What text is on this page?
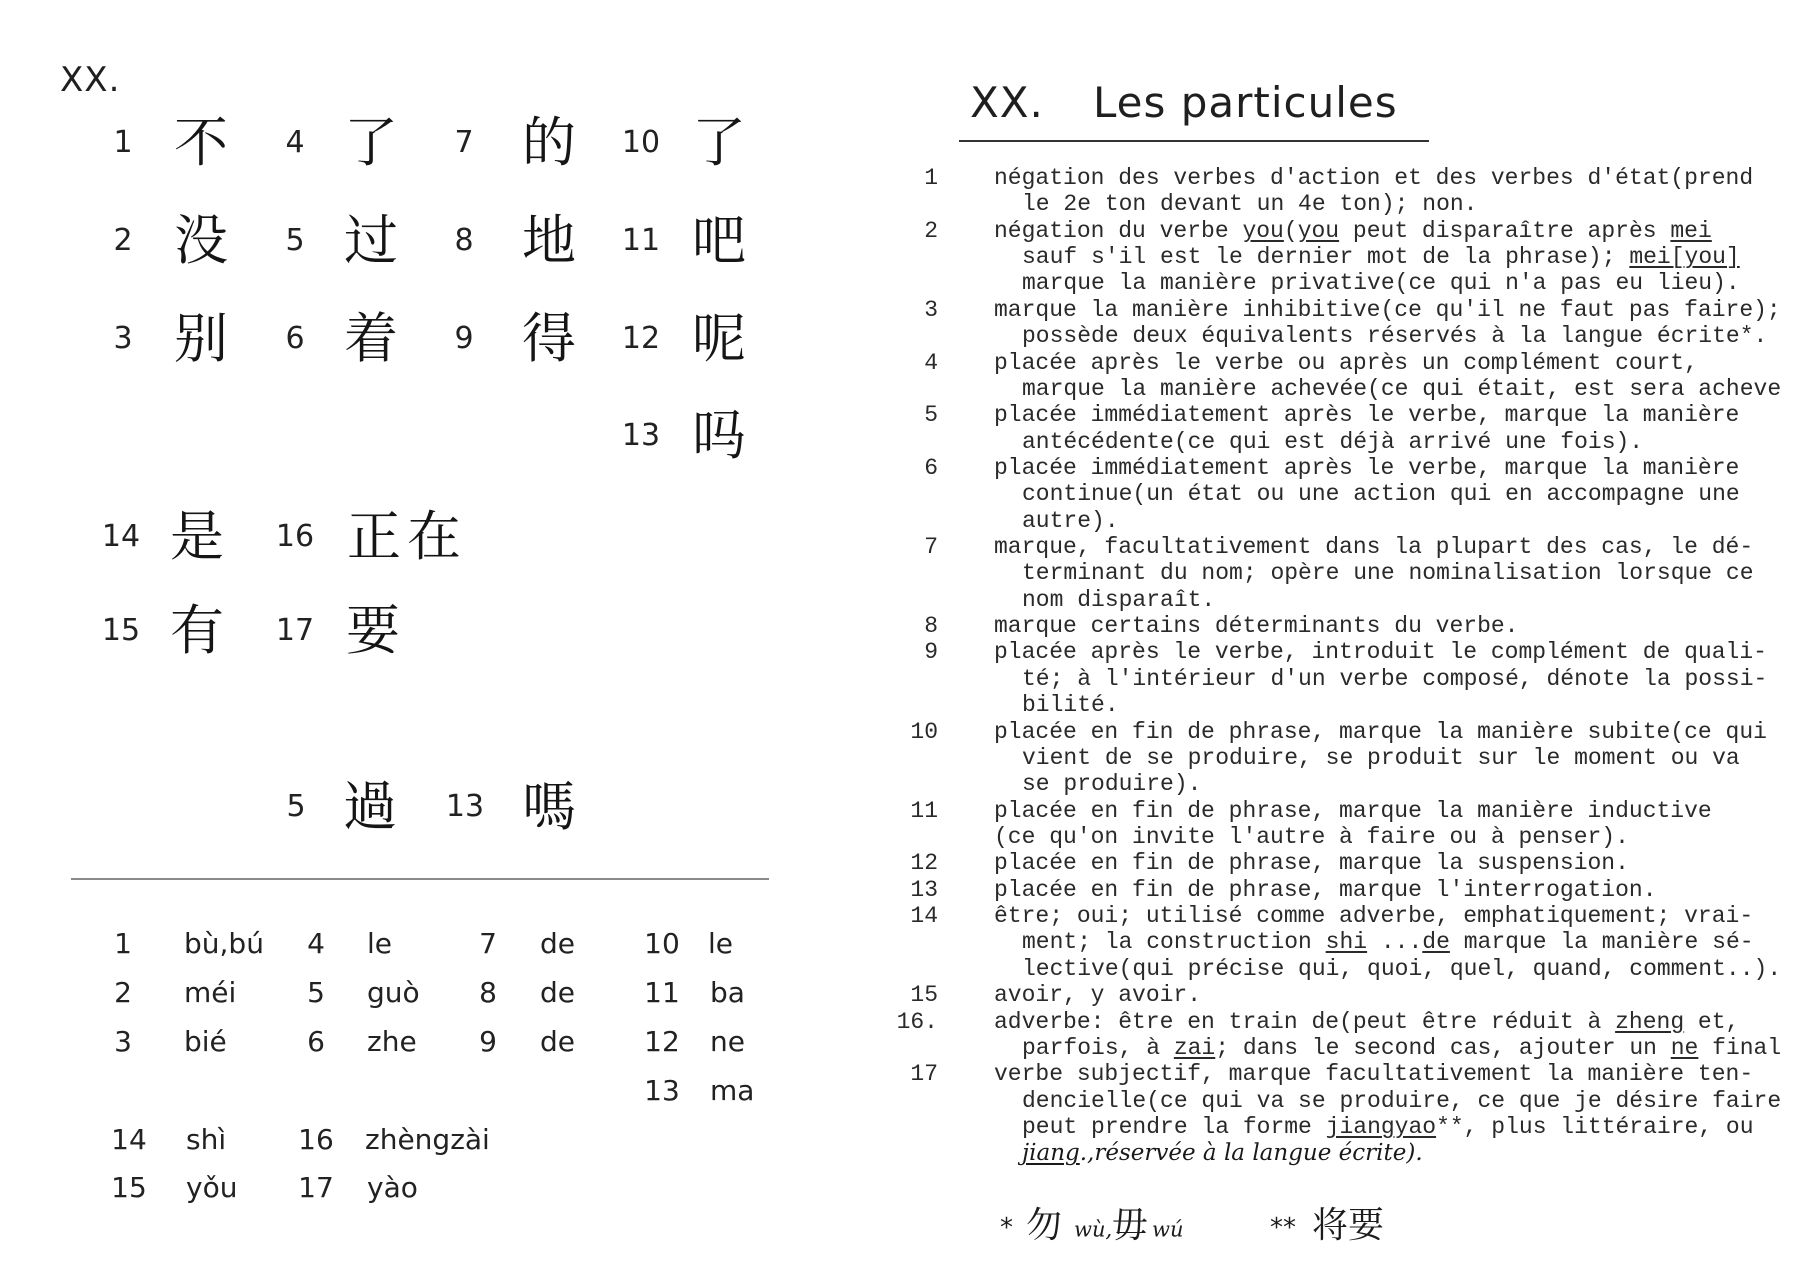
XX.
1 不
2 没
3 别
4 了
5 过
6 着
7 的
8 地
9 得
10 了
11 吧
12 呢
13 吗
14 是
15 有
16 正在
17 要
5 過 13 嗎
1 bù,bú
2 méi
3 bié
4 le
5 guò
6 zhe
7 de
8 de
9 de
10 le
11 ba
12 ne
13 ma
14 shì
15 yǒu
16 zhèngzài
17 yào
XX. Les particules
1 négation des verbes d'action et des verbes d'état(prend
le 2e ton devant un 4e ton); non.
2 négation du verbe you(you peut disparaître après mei
sauf s'il est le dernier mot de la phrase); mei[you]
marque la manière privative(ce qui n'a pas eu lieu).
3 marque la manière inhibitive(ce qu'il ne faut pas faire);
possède deux équivalents réservés à la langue écrite*.
4 placée après le verbe ou après un complément court,
marque la manière achevée(ce qui était, est sera acheve
5 placée immédiatement après le verbe, marque la manière
antécédente(ce qui est déjà arrivé une fois).
6 placée immédiatement après le verbe, marque la manière
continue(un état ou une action qui en accompagne une
autre).
7 marque, facultativement dans la plupart des cas, le dé-
terminant du nom; opère une nominalisation lorsque ce
nom disparaît.
8 marque certains déterminants du verbe.
9 placée après le verbe, introduit le complément de quali-
té; à l'intérieur d'un verbe composé, dénote la possi-
bilité.
10 placée en fin de phrase, marque la manière subite(ce qui
vient de se produire, se produit sur le moment ou va
se produire).
11 placée en fin de phrase, marque la manière inductive
(ce qu'on invite l'autre à faire ou à penser).
12 placée en fin de phrase, marque la suspension.
13 placée en fin de phrase, marque l'interrogation.
14 être; oui; utilisé comme adverbe, emphatiquement; vrai-
ment; la construction shi ...de marque la manière sé-
lective(qui précise qui, quoi, quel, quand, comment..).
15 avoir, y avoir.
16. adverbe: être en train de(peut être réduit à zheng et,
parfois, à zai; dans le second cas, ajouter un ne final
17 verbe subjectif, marque facultativement la manière ten-
dencielle(ce qui va se produire, ce que je désire faire
peut prendre la forme jiangyao**, plus littéraire, ou
jiang.,réservée à la langue écrite).
* 勿 wù, 毋 wú	** 将要
